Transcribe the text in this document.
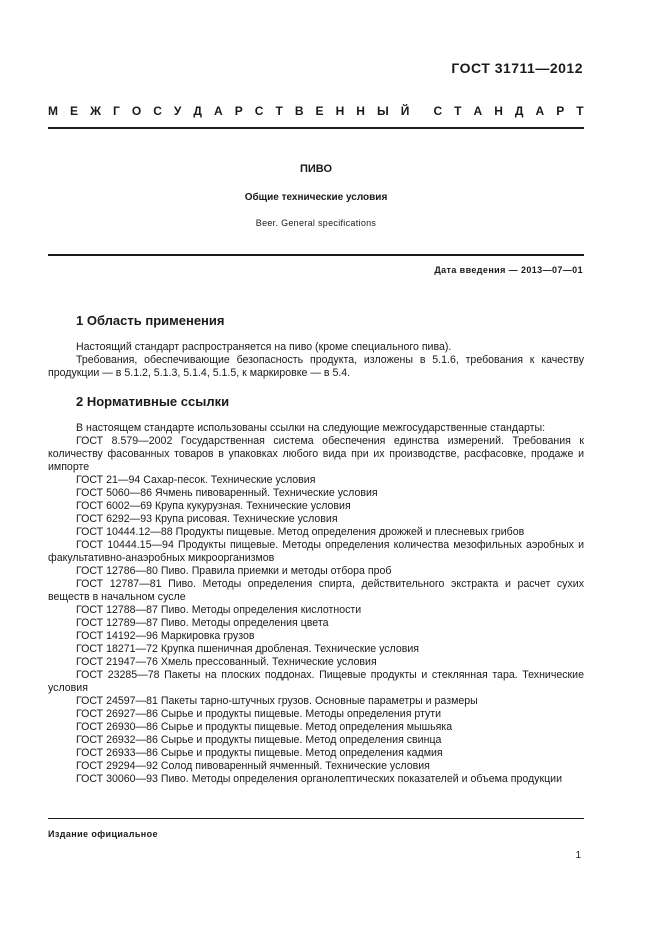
ГОСТ 31711—2012
М Е Ж Г О С У Д А Р С Т В Е Н Н Ы Й С Т А Н Д А Р Т
ПИВО
Общие технические условия
Beer. General specifications
Дата введения — 2013—07—01
1 Область применения
Настоящий стандарт распространяется на пиво (кроме специального пива).
Требования, обеспечивающие безопасность продукта, изложены в 5.1.6, требования к качеству продукции — в 5.1.2, 5.1.3, 5.1.4, 5.1.5, к маркировке — в 5.4.
2 Нормативные ссылки
В настоящем стандарте использованы ссылки на следующие межгосударственные стандарты:
ГОСТ 8.579—2002 Государственная система обеспечения единства измерений. Требования к количеству фасованных товаров в упаковках любого вида при их производстве, расфасовке, продаже и импорте
ГОСТ 21—94 Сахар-песок. Технические условия
ГОСТ 5060—86 Ячмень пивоваренный. Технические условия
ГОСТ 6002—69 Крупа кукурузная. Технические условия
ГОСТ 6292—93 Крупа рисовая. Технические условия
ГОСТ 10444.12—88 Продукты пищевые. Метод определения дрожжей и плесневых грибов
ГОСТ 10444.15—94 Продукты пищевые. Методы определения количества мезофильных аэробных и факультативно-анаэробных микроорганизмов
ГОСТ 12786—80 Пиво. Правила приемки и методы отбора проб
ГОСТ 12787—81 Пиво. Методы определения спирта, действительного экстракта и расчет сухих веществ в начальном сусле
ГОСТ 12788—87 Пиво. Методы определения кислотности
ГОСТ 12789—87 Пиво. Методы определения цвета
ГОСТ 14192—96 Маркировка грузов
ГОСТ 18271—72 Крупка пшеничная дробленая. Технические условия
ГОСТ 21947—76 Хмель прессованный. Технические условия
ГОСТ 23285—78 Пакеты на плоских поддонах. Пищевые продукты и стеклянная тара. Технические условия
ГОСТ 24597—81 Пакеты тарно-штучных грузов. Основные параметры и размеры
ГОСТ 26927—86 Сырье и продукты пищевые. Методы определения ртути
ГОСТ 26930—86 Сырье и продукты пищевые. Метод определения мышьяка
ГОСТ 26932—86 Сырье и продукты пищевые. Метод определения свинца
ГОСТ 26933—86 Сырье и продукты пищевые. Метод определения кадмия
ГОСТ 29294—92 Солод пивоваренный ячменный. Технические условия
ГОСТ 30060—93 Пиво. Методы определения органолептических показателей и объема продукции
Издание официальное
1
